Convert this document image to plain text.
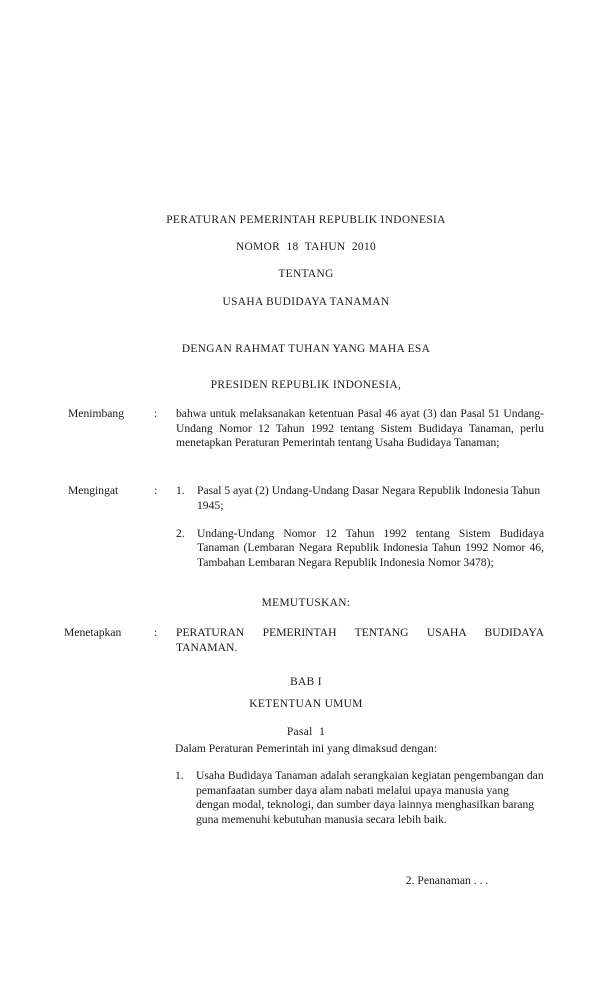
PERATURAN PEMERINTAH REPUBLIK INDONESIA
NOMOR  18  TAHUN  2010
TENTANG
USAHA BUDIDAYA TANAMAN
DENGAN RAHMAT TUHAN YANG MAHA ESA
PRESIDEN REPUBLIK INDONESIA,
Menimbang	:	bahwa untuk melaksanakan ketentuan Pasal 46 ayat (3) dan Pasal 51 Undang-Undang Nomor 12 Tahun 1992 tentang Sistem Budidaya Tanaman, perlu menetapkan Peraturan Pemerintah tentang Usaha Budidaya Tanaman;
Mengingat	:	1.	Pasal 5 ayat (2) Undang-Undang Dasar Negara Republik Indonesia Tahun 1945;
2.	Undang-Undang Nomor 12 Tahun 1992 tentang Sistem Budidaya Tanaman (Lembaran Negara Republik Indonesia Tahun 1992 Nomor 46, Tambahan Lembaran Negara Republik Indonesia Nomor 3478);
MEMUTUSKAN:
Menetapkan	:	PERATURAN PEMERINTAH TENTANG USAHA BUDIDAYA TANAMAN.
BAB I
KETENTUAN UMUM
Pasal  1
Dalam Peraturan Pemerintah ini yang dimaksud dengan:
1.	Usaha Budidaya Tanaman adalah serangkaian kegiatan pengembangan dan pemanfaatan sumber daya alam nabati melalui upaya manusia yang dengan modal, teknologi, dan sumber daya lainnya menghasilkan barang guna memenuhi kebutuhan manusia secara lebih baik.
2. Penanaman . . .
